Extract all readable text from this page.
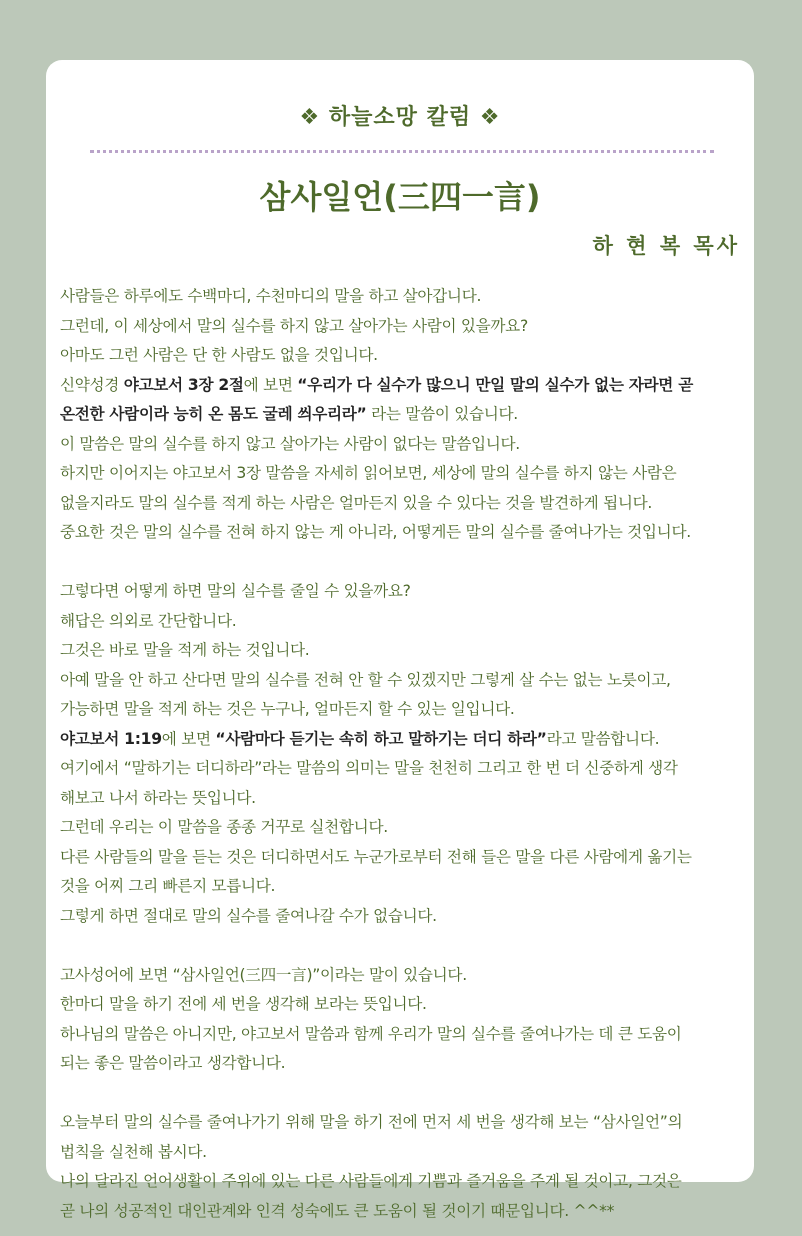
❖ 하늘소망 칼럼 ❖
삼사일언(三四一言)
하 현 복 목사
사람들은 하루에도 수백마디, 수천마디의 말을 하고 살아갑니다.
그런데, 이 세상에서 말의 실수를 하지 않고 살아가는 사람이 있을까요?
아마도 그런 사람은 단 한 사람도 없을 것입니다.
신약성경 야고보서 3장 2절에 보면 “우리가 다 실수가 많으니 만일 말의 실수가 없는 자라면 곧
온전한 사람이라 능히 온 몸도 굴레 씌우리라” 라는 말씀이 있습니다.
이 말씀은 말의 실수를 하지 않고 살아가는 사람이 없다는 말씀입니다.
하지만 이어지는 야고보서 3장 말씀을 자세히 읽어보면, 세상에 말의 실수를 하지 않는 사람은
없을지라도 말의 실수를 적게 하는 사람은 얼마든지 있을 수 있다는 것을 발견하게 됩니다.
중요한 것은 말의 실수를 전혀 하지 않는 게 아니라, 어떻게든 말의 실수를 줄여나가는 것입니다.
그렇다면 어떻게 하면 말의 실수를 줄일 수 있을까요?
해답은 의외로 간단합니다.
그것은 바로 말을 적게 하는 것입니다.
아예 말을 안 하고 산다면 말의 실수를 전혀 안 할 수 있겠지만 그렇게 살 수는 없는 노릇이고,
가능하면 말을 적게 하는 것은 누구나, 얼마든지 할 수 있는 일입니다.
야고보서 1:19에 보면 “사람마다 듣기는 속히 하고 말하기는 더디 하라”라고 말씀합니다.
여기에서 “말하기는 더디하라”라는 말씀의 의미는 말을 천천히 그리고 한 번 더 신중하게 생각
해보고 나서 하라는 뜻입니다.
그런데 우리는 이 말씀을 종종 거꾸로 실천합니다.
다른 사람들의 말을 듣는 것은 더디하면서도 누군가로부터 전해 들은 말을 다른 사람에게 옮기는
것을 어찌 그리 빠른지 모릅니다.
그렇게 하면 절대로 말의 실수를 줄여나갈 수가 없습니다.
고사성어에 보면 “삼사일언(三四一言)”이라는 말이 있습니다.
한마디 말을 하기 전에 세 번을 생각해 보라는 뜻입니다.
하나님의 말씀은 아니지만, 야고보서 말씀과 함께 우리가 말의 실수를 줄여나가는 데 큰 도움이
되는 좋은 말씀이라고 생각합니다.
오늘부터 말의 실수를 줄여나가기 위해 말을 하기 전에 먼저 세 번을 생각해 보는 “삼사일언”의
법칙을 실천해 봅시다.
나의 달라진 언어생활이 주위에 있는 다른 사람들에게 기쁨과 즐거움을 주게 될 것이고, 그것은
곧 나의 성공적인 대인관계와 인격 성숙에도 큰 도움이 될 것이기 때문입니다. ^^**
